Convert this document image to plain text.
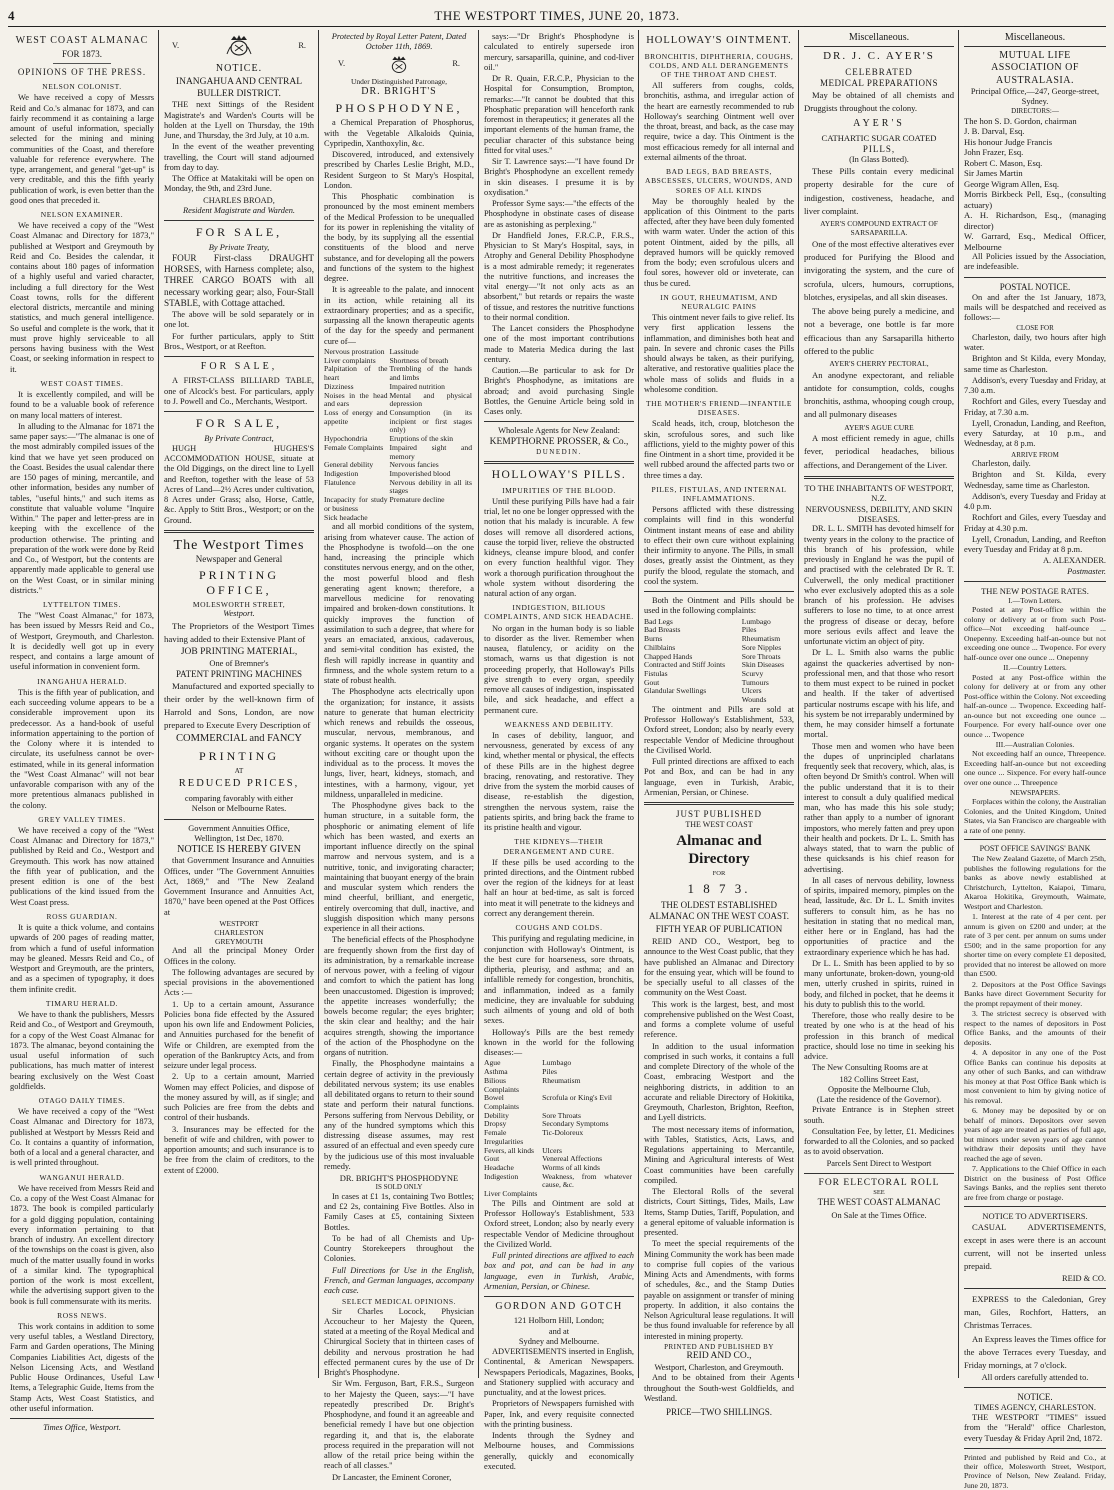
4	THE WESTPORT TIMES, JUNE 20, 1873.
WEST COAST ALMANAC
FOR 1873.
OPINIONS OF THE PRESS.
NELSON COLONIST.

We have received a copy of Messrs Reid and Co.'s almanac for 1873, and can fairly recommend it as containing a large amount of useful information, specially selected for the mining and mining communities of the Coast, and therefore valuable for reference everywhere. The type, arrangement, and general "get-up" is very creditable, and this the fifth yearly publication of work, is even better than the good ones that preceded it.

NELSON EXAMINER.

We have received a copy of the "West Coast Almanac and Directory for 1873," published at Westport and Greymouth by Reid and Co. Besides the calendar, it contains about 180 pages of information of a highly useful and varied character, including a full directory for the West Coast towns, rolls for the different electoral districts, mercantile and mining statistics, and much general intelligence. So useful and complete is the work, that it must prove highly serviceable to all persons having business with the West Coast, or seeking information in respect to it.

WEST COAST TIMES.

It is excellently compiled, and will be found to be a valuable book of reference on many local matters of interest.

In alluding to the Almanac for 1871 the same paper says:—"The almanac is one of the most admirably compiled issues of the kind that we have yet seen produced on the Coast. Besides the usual calendar there are 150 pages of mining, mercantile, and other information, besides any number of tables, "useful hints," and such items as constitute that valuable volume "Inquire Within." The paper and letter-press are in keeping with the excellence of the production otherwise. The printing and preparation of the work were done by Reid and Co., of Westport, but the contents are apparently made applicable to general use on the West Coast, or in similar mining districts."

LYTTELTON TIMES.

The "West Coast Almanac," for 1873, has been issued by Messrs Reid and Co., of Westport, Greymouth, and Charleston. It is decidedly well got up in every respect, and contains a large amount of useful information in convenient form.

INANGAHUA HERALD.

This is the fifth year of publication, and each succeeding volume appears to be a considerable improvement upon its predecessor. As a hand-book of useful information appertaining to the portion of the Colony where it is intended to circulate, its usefulness cannot be over-estimated, while in its general information the "West Coast Almanac" will not bear unfavorable comparison with any of the more pretentious almanacs published in the colony.

GREY VALLEY TIMES.

We have received a copy of the "West Coast Almanac and Directory for 1873," published by Reid and Co., Westport and Greymouth. This work has now attained the fifth year of publication, and the present edition is one of the best publications of the kind issued from the West Coast press.

ROSS GUARDIAN.

It is quite a thick volume, and contains upwards of 200 pages of reading matter, from which a fund of useful information may be gleaned. Messrs Reid and Co., of Westport and Greymouth, are the printers, and as a specimen of typography, it does them infinite credit.

TIMARU HERALD.

We have to thank the publishers, Messrs Reid and Co., of Westport and Greymouth, for a copy of the West Coast Almanac for 1873. The almanac, beyond containing the usual useful information of such publications, has much matter of interest bearing exclusively on the West Coast goldfields.

OTAGO DAILY TIMES.

We have received a copy of the "West Coast Almanac and Directory for 1873, published at Westport by Messrs Reid and Co. It contains a quantity of information, both of a local and a general character, and is well printed throughout.

WANGANUI HERALD.

We have received from Messrs Reid and Co. a copy of the West Coast Almanac for 1873. The book is compiled particularly for a gold digging population, containing every information pertaining to that branch of industry. An excellent directory of the townships on the coast is given, also much of the matter usually found in works of a similar kind. The typographical portion of the work is most excellent, while the advertising support given to the book is full commensurate with its merits.

ROSS NEWS.

This work contains in addition to some very useful tables, a Westland Directory, Farm and Garden operations, The Mining Companies Liabilities Act, digests of the Nelson Licensing Acts, and Westland Public House Ordinances, Useful Law Items, a Telegraphic Guide, Items from the Stamp Acts, West Coast Statistics, and other useful information.

Times Office, Westport.
V.	R.
NOTICE.
INANGAHUA AND CENTRAL BULLER DISTRICT.

THE next Sittings of the Resident Magistrate's and Warden's Courts will be holden at the Lyell on Thursday, the 19th June, and Thursday, the 3rd July, at 10 a.m.

In the event of the weather preventing travelling, the Court will stand adjourned from day to day.

The Office at Matakitaki will be open on Monday, the 9th, and 23rd June.

CHARLES BROAD,
Resident Magistrate and Warden.
FOR SALE,
By Private Treaty,

FOUR First-class DRAUGHT HORSES, with Harness complete; also, THREE CARGO BOATS with all necessary working gear; also, Four-Stall STABLE, with Cottage attached.

The above will be sold separately or in one lot.

For further particulars, apply to Stitt Bros., Westport, or at Reefton.

FOR SALE,

A FIRST-CLASS BILLIARD TABLE, one of Alcock's best. For particulars, apply to J. Powell and Co., Merchants, Westport.

FOR SALE,
By Private Contract,

HUGH HUGHES'S ACCOMMODATION HOUSE, situate at the Old Diggings, on the direct line to Lyell and Reefton, together with the lease of 53 Acres of Land—2½ Acres under cultivation, 8 Acres under Grass; also, Horse, Cattle, &c. Apply to Stitt Bros., Westport; or on the Ground.

The Westport Times
Newspaper and General
PRINTING OFFICE,
MOLESWORTH STREET,
Westport.

The Proprietors of the Westport Times having added to their Extensive Plant of

JOB PRINTING MATERIAL,
One of Bremner's
PATENT PRINTING MACHINES

Manufactured and exported specially to their order by the well-known firm of Harrold and Sons, London, are now prepared to Execute Every Description of

COMMERCIAL and FANCY
PRINTING
AT
REDUCED PRICES,
comparing favorably with either
Nelson or Melbourne Rates.
Government Annuities Office,
Wellington, 1st Dec, 1870.
NOTICE IS HEREBY GIVEN

that Government Insurance and Annuities Offices, under "The Government Annuities Act, 1869," and "The New Zealand Government Insurance and Annuities Act, 1870," have been opened at the Post Offices at

WESTPORT
CHARLESTON
GREYMOUTH

And all the principal Money Order Offices in the colony.

The following advantages are secured by special provisions in the abovementioned Acts :—

1. Up to a certain amount, Assurance Policies bona fide effected by the Assured upon his own life and Endowment Policies, and Annuities purchased for the benefit of Wife or Children, are exempted from the operation of the Bankruptcy Acts, and from seizure under legal process.

2. Up to a certain amount, Married Women may effect Policies, and dispose of the money assured by will, as if single; and such Policies are free from the debts and control of their husbands.

3. Insurances may be effected for the benefit of wife and children, with power to apportion amounts; and such insurance is to be free from the claim of creditors, to the extent of £2000.

Protected by Royal Letter Patent, Dated October 11th, 1869.
V.	R.
Under Distinguished Patronage,
DR. BRIGHT'S
PHOSPHODYNE,

a Chemical Preparation of Phosphorus, with the Vegetable Alkaloids Quinia, Cypripedin, Xanthoxylin, &c.

Discovered, introduced, and extensively prescribed by Charles Leslie Bright, M.D., Resident Surgeon to St Mary's Hospital, London.

This Phosphatic combination is pronounced by the most eminent members of the Medical Profession to be unequalled for its power in replenishing the vitality of the body, by its supplying all the essential constituents of the blood and nerve substance, and for developing all the powers and functions of the system to the highest degree.

It is agreeable to the palate, and innocent in its action, while retaining all its extraordinary properties; and as a specific, surpassing all the known therapeutic agents of the day for the speedy and permanent cure of—

Nervous prostration	Lassitude
Liver complaints	Shortness of breath
Palpitation of the heart	Trembling of the hands and limbs
Dizziness	Impaired nutrition
Noises in the head and ears	Mental and physical depression
Loss of energy and appetite	Consumption (in its incipient or first stages only)
Hypochondria	Eruptions of the skin
Female Complaints	Impaired sight and memory
General debility	Nervous fancies
Indigestion	Impoverished blood
Flatulence	Nervous debility in all its stages
Incapacity for study or business	Premature decline
Sick headache	

and all morbid conditions of the system, arising from whatever cause. The action of the Phosphodyne is twofold—on the one hand, increasing the principle which constitutes nervous energy, and on the other, the most powerful blood and flesh generating agent known; therefore, a marvellous medicine for renovating impaired and broken-down constitutions. It quickly improves the function of assimilation to such a degree, that where for years an emaciated, anxious, cadaverous, and semi-vital condition has existed, the flesh will rapidly increase in quantity and firmness, and the whole system return to a state of robust health.

The Phosphodyne acts electrically upon the organization; for instance, it assists nature to generate that human electricity which renews and rebuilds the osseous, muscular, nervous, membranous, and organic systems. It operates on the system without exciting care or thought upon the individual as to the process. It moves the lungs, liver, heart, kidneys, stomach, and intestines, with a harmony, vigour, yet mildness, unparalleled in medicine.

The Phosphodyne gives back to the human structure, in a suitable form, the phosphoric or animating element of life which has been wasted, and exerts an important influence directly on the spinal marrow and nervous system, and is a nutritive, tonic, and invigorating character; maintaining that buoyant energy of the brain and muscular system which renders the mind cheerful, brilliant, and energetic, entirely overcoming that dull, inactive, and sluggish disposition which many persons experience in all their actions.

The beneficial effects of the Phosphodyne are frequently shown from the first day of its administration, by a remarkable increase of nervous power, with a feeling of vigour and comfort to which the patient has long been unaccustomed. Digestion is improved; the appetite increases wonderfully; the bowels become regular; the eyes brighter; the skin clear and healthy; and the hair acquires strength, showing the importance of the action of the Phosphodyne on the organs of nutrition.

Finally, the Phosphodyne maintains a certain degree of activity in the previously debilitated nervous system; its use enables all debilitated organs to return to their sound state and perform their natural functions. Persons suffering from Nervous Debility, or any of the hundred symptoms which this distressing disease assumes, may rest assured of an effectual and even speedy cure by the judicious use of this most invaluable remedy.

DR. BRIGHT'S PHOSPHODYNE
IS SOLD ONLY

In cases at £1 1s, containing Two Bottles; and £2 2s, containing Five Bottles. Also in Family Cases at £5, containing Sixteen Bottles.

To be had of all Chemists and Up-Country Storekeepers throughout the Colonies.

Full Directions for Use in the English, French, and German languages, accompany each case.

SELECT MEDICAL OPINIONS.

Sir Charles Locock, Physician Accoucheur to her Majesty the Queen, stated at a meeting of the Royal Medical and Chirurgical Society that in thirteen cases of debility and nervous prostration he had effected permanent cures by the use of Dr Bright's Phosphodyne.

Sir Wm. Ferguson, Bart, F.R.S., Surgeon to her Majesty the Queen, says:—"I have repeatedly prescribed Dr. Bright's Phosphodyne, and found it an agreeable and beneficial remedy I have but one objection regarding it, and that is, the elaborate process required in the preparation will not allow of the retail price being within the reach of all classes."

Dr Lancaster, the Eminent Coroner,

says:—"Dr Bright's Phosphodyne is calculated to entirely supersede iron mercury, sarsaparilla, quinine, and cod-liver oil."

Dr R. Quain, F.R.C.P., Physician to the Hospital for Consumption, Brompton, remarks:—"It cannot be doubted that this Phosphatic preparation will henceforth rank foremost in therapeutics; it generates all the important elements of the human frame, the peculiar character of this substance being fitted for vital uses."

Sir T. Lawrence says:—"I have found Dr Bright's Phosphodyne an excellent remedy in skin diseases. I presume it is by oxydisation."

Professor Syme says:—"the effects of the Phosphodyne in obstinate cases of disease are as astonishing as perplexing."

Dr Handfield Jones, F.R.C.P., F.R.S., Physician to St Mary's Hospital, says, in Atrophy and General Debility Phosphodyne is a most admirable remedy; it regenerates the nutritive functions, and increases the vital energy—"It not only acts as an absorbent," but retards or repairs the waste of tissue, and restores the nutritive functions to their normal condition.

The Lancet considers the Phosphodyne one of the most important contributions made to Materia Medica during the last century.

Caution.—Be particular to ask for Dr Bright's Phosphodyne, as imitations are abroad; and avoid purchasing Single Bottles, the Genuine Article being sold in Cases only.

Wholesale Agents for New Zealand:
KEMPTHORNE PROSSER, & Co.,
DUNEDIN.
HOLLOWAY'S PILLS.
IMPURITIES OF THE BLOOD.

Until these purifying Pills have had a fair trial, let no one be longer oppressed with the notion that his malady is incurable. A few doses will remove all disordered actions, cause the torpid liver, relieve the obstructed kidneys, cleanse impure blood, and confer on every function healthful vigor. They work a thorough purification throughout the whole system without disordering the natural action of any organ.

INDIGESTION, BILIOUS COMPLAINTS, AND SICK HEADACHE.

No organ in the human body is so liable to disorder as the liver. Remember when nausea, flatulency, or acidity on the stomach, warns us that digestion is not proceeding properly, that Holloway's Pills give strength to every organ, speedily remove all causes of indigestion, inspissated bile, and sick headache, and effect a permanent cure.

WEAKNESS AND DEBILITY.

In cases of debility, languor, and nervousness, generated by excess of any kind, whether mental or physical, the effects of these Pills are in the highest degree bracing, renovating, and restorative. They drive from the system the morbid causes of disease, re-establish the digestion, strengthen the nervous system, raise the patients spirits, and bring back the frame to its pristine health and vigour.

THE KIDNEYS—THEIR DERANGEMENT AND CURE.

If these pills be used according to the printed directions, and the Ointment rubbed over the region of the kidneys for at least half an hour at bed-time, as salt is forced into meat it will penetrate to the kidneys and correct any derangement therein.

COUGHS AND COLDS.

This purifying and regulating medicine, in conjunction with Holloway's Ointment, is the best cure for hoarseness, sore throats, diptheria, pleurisy, and asthma; and an infallible remedy for congestion, bronchitis, and inflammation, indeed as a family medicine, they are invaluable for subduing such ailments of young and old of both sexes.

Holloway's Pills are the best remedy known in the world for the following diseases:—

Ague	Lumbago
Asthma	Piles
Bilious Complaints	Rheumatism
Bowel Complaints	Scrofula or King's Evil
Debility	Sore Throats
Dropsy	Secondary Symptoms
Female Irregularities	Tic-Doloreux
Fevers, all kinds	Ulcers
Gout	Venereal Affections
Headache	Worms of all kinds
Indigestion	Weakness, from whatever cause, &c.
Liver Complaints	

The Pills and Ointment are sold at Professor Holloway's Establishment, 533 Oxford street, London; also by nearly every respectable Vendor of Medicine throughout the Civilized World.

Full printed directions are affixed to each box and pot, and can be had in any language, even in Turkish, Arabic, Armenian, Persian, or Chinese.

GORDON AND GOTCH
121 Holborn Hill, London;
and at
Sydney and Melbourne.

ADVERTISEMENTS inserted in English, Continental, & American Newspapers. Newspapers Periodicals, Magazines, Books, and Stationery supplied with accuracy and punctuality, and at the lowest prices.

Proprietors of Newspapers furnished with Paper, Ink, and every requisite connected with the printing business.

Indents through the Sydney and Melbourne houses, and Commissions generally, quickly and economically executed.

HOLLOWAY'S OINTMENT.
BRONCHITIS, DIPHTHERIA, COUGHS, COLDS, AND ALL DERANGEMENTS OF THE THROAT AND CHEST.

All sufferers from coughs, colds, bronchitis, asthma, and irregular action of the heart are earnestly recommended to rub Holloway's searching Ointment well over the throat, breast, and back, as the case may require, twice a day. This Ointment is the most efficacious remedy for all internal and external ailments of the throat.

BAD LEGS, BAD BREASTS, ABSCESSES, ULCERS, WOUNDS, AND SORES OF ALL KINDS

May be thoroughly healed by the application of this Ointment to the parts affected, after they have been duly fomented with warm water. Under the action of this potent Ointment, aided by the pills, all depraved humors will be quickly removed from the body; even scrofulous ulcers and foul sores, however old or inveterate, can thus be cured.

IN GOUT, RHEUMATISM, AND NEURALGIC PAINS

This ointment never fails to give relief. Its very first application lessens the inflammation, and diminishes both heat and pain. In severe and chronic cases the Pills should always be taken, as their purifying, alterative, and restorative qualities place the whole mass of solids and fluids in a wholesome condition.

THE MOTHER'S FRIEND—INFANTILE DISEASES.

Scald heads, itch, croup, blotcheson the skin, scrofulous sores, and such like afflictions, yield to the mighty power of this fine Ointment in a short time, provided it be well rubbed around the affected parts two or three times a day.

PILES, FISTULAS, AND INTERNAL INFLAMMATIONS.

Persons afflicted with these distressing complaints will find in this wonderful Ointment instant means of ease and ability to effect their own cure without explaining their infirmity to anyone. The Pills, in small doses, greatly assist the Ointment, as they purify the blood, regulate the stomach, and cool the system.

Both the Ointment and Pills should be used in the following complaints:

Bad Legs	Lumbago
Bad Breasts	Piles
Burns	Rheumatism
Chilblains	Sore Nipples
Chapped Hands	Sore Throats
Contracted and Stiff Joints	Skin Diseases
Fistulas	Scurvy
Gout	Tumours
Glandular Swellings	Ulcers
	Wounds

The ointment and Pills are sold at Professor Holloway's Establishment, 533, Oxford street, London; also by nearly every respectable Vendor of Medicine throughout the Civilised World.

Full printed directions are affixed to each Pot and Box, and can be had in any language, even in Turkish, Arabic, Armenian, Persian, or Chinese.

JUST PUBLISHED
THE WEST COAST
Almanac and Directory
FOR
1 8 7 3.
THE OLDEST ESTABLISHED ALMANAC ON THE WEST COAST.
FIFTH YEAR OF PUBLICATION

REID AND CO., Westport, beg to announce to the West Coast public, that they have published an Almanac and Directory for the ensuing year, which will be found to be specially useful to all classes of the community on the West Coast.

This work is the largest, best, and most comprehensive published on the West Coast, and forms a complete volume of useful reference.

In addition to the usual information comprised in such works, it contains a full and complete Directory of the whole of the Coast, embracing Westport and the neighboring districts, in addition to an accurate and reliable Directory of Hokitika, Greymouth, Charleston, Brighton, Reefton, and Lyell districts.

The most necessary items of information, with Tables, Statistics, Acts, Laws, and Regulations appertaining to Mercantile, Mining and Agricultural interests of West Coast communities have been carefully compiled.

The Electoral Rolls of the several districts, Court Sittings, Tides, Mails, Law Items, Stamp Duties, Tariff, Population, and a general epitome of valuable information is presented.

To meet the special requirements of the Mining Community the work has been made to comprise full copies of the various Mining Acts and Amendments, with forms of schedules, &c., and the Stamp Duties payable on assignment or transfer of mining property. In addition, it also contains the Nelson Agricultural lease regulations. It will be thus found invaluable for reference by all interested in mining property.

PRINTED AND PUBLISHED BY
REID AND CO.,
Westport, Charleston, and Greymouth.

And to be obtained from their Agents throughout the South-west Goldfields, and Westland.

PRICE—TWO SHILLINGS.
Miscellaneous.
DR. J. C. AYER'S
CELEBRATED
MEDICAL PREPARATIONS

May be obtained of all chemists and Druggists throughout the colony.

AYER'S
CATHARTIC SUGAR COATED
PILLS,
(In Glass Botted).

These Pills contain every medicinal property desirable for the cure of indigestion, costiveness, headache, and liver complaint.

AYER'S COMPOUND EXTRACT OF
SARSAPARILLA.

One of the most effective alteratives ever produced for Purifying the Blood and invigorating the system, and the cure of scrofula, ulcers, humours, corruptions, blotches, erysipelas, and all skin diseases.

The above being purely a medicine, and not a beverage, one bottle is far more efficacious than any Sarsaparilla hitherto offered to the public

AYER'S CHERRY PECTORAL,

An anodyne expectorant, and reliable antidote for consumption, colds, coughs bronchitis, asthma, whooping cough croup, and all pulmonary diseases

AYER'S AGUE CURE

A most efficient remedy in ague, chills fever, periodical headaches, bilious affections, and Derangement of the Liver.

TO THE INHABITANTS OF WESTPORT, N.Z.
NERVOUSNESS, DEBILITY, AND SKIN DISEASES.

DR. L. L. SMITH has devoted himself for twenty years in the colony to the practice of this branch of his profession, while previously in England he was the pupil of and practised with the celebrated Dr R. T. Culverwell, the only medical practitioner who ever exclusively adopted this as a sole branch of his profession. He advises sufferers to lose no time, to at once arrest the progress of disease or decay, before more serious evils affect and leave the unfortunate victim an object of pity.

Dr L. L. Smith also warns the public against the quackeries advertised by non-professional men, and that those who resort to them must expect to be ruined in pocket and health. If the taker of advertised particular nostrums escape with his life, and his system be not irreparably undermined by them, he may consider himself a fortunate mortal.

Those men and women who have been the dupes of unprincipled charlatans frequently seek that recovery, which, alas, is often beyond Dr Smith's control. When will the public understand that it is to their interest to consult a duly qualified medical man, who has made this his sole study; rather than apply to a number of ignorant impostors, who merely fatten and prey upon their health and pockets. Dr L. L. Smith has always stated, that to warn the public of these quicksands is his chief reason for advertising.

In all cases of nervous debility, lowness of spirits, impaired memory, pimples on the head, lassitude, &c. Dr L. L. Smith invites sufferers to consult him, as he has no hesitation in stating that no medical man, either here or in England, has had the opportunities of practice and the extraordinary experience which he has had.

Dr L. L. Smith has been applied to by so many unfortunate, broken-down, young-old men, utterly crushed in spirits, ruined in body, and filched in pocket, that he deems it his duty to publish this to the world.

Therefore, those who really desire to be treated by one who is at the head of his profession in this branch of medical practice, should lose no time in seeking his advice.

The New Consulting Rooms are at

182 Collins Street East,
Opposite the Melbourne Club,
(Late the residence of the Governor).

Private Entrance is in Stephen street south.

Consultation Fee, by letter, £1. Medicines forwarded to all the Colonies, and so packed as to avoid observation.

Parcels Sent Direct to Westport
FOR ELECTORAL ROLL
SEE
THE WEST COAST ALMANAC
On Sale at the Times Office.
Miscellaneous.
MUTUAL LIFE ASSOCIATION OF AUSTRALASIA.
Principal Office,—247, George-street, Sydney.
DIRECTORS:—
The hon S. D. Gordon, chairman
J. B. Darval, Esq.
His honour Judge Francis
John Frazer, Esq.
Robert C. Mason, Esq.
Sir James Martin
George Wigram Allen, Esq.
Morris Birkbeck Pell, Esq., (consulting actuary)
A. H. Richardson, Esq., (managing director)
W. Garrard, Esq., Medical Officer, Melbourne

All Policies issued by the Association, are indefeasible.

POSTAL NOTICE.

On and after the 1st January, 1873, mails will be despatched and received as follows:—

CLOSE FOR

Charleston, daily, two hours after high water.

Brighton and St Kilda, every Monday, same time as Charleston.

Addison's, every Tuesday and Friday, at 7.30 a.m.

Rochfort and Giles, every Tuesday and Friday, at 7.30 a.m.

Lyell, Cronadun, Landing, and Reefton, every Saturday, at 10 p.m., and Wednesday, at 8 p.m.

ARRIVE FROM

Charleston, daily.

Brighton and St. Kilda, every Wednesday, same time as Charleston.

Addison's, every Tuesday and Friday at 4.0 p.m.

Rochfort and Giles, every Tuesday and Friday at 4.30 p.m.

Lyell, Cronadun, Landing, and Reefton every Tuesday and Friday at 8 p.m.

A. ALEXANDER.
Postmaster.
THE NEW POSTAGE RATES.
I.—Town Letters.

Posted at any Post-office within the colony or delivery at or from such Post-office—Not exceeding half-ounce ... Onepenny. Exceeding half-an-ounce but not exceeding one ounce ... Twopence. For every half-ounce over one ounce ... Onepenny

II.—Country Letters.

Posted at any Post-office within the colony for delivery at or from any other Post-office within the Colony. Not exceeding half-an-ounce ... Twopence. Exceeding half-an-ounce but not exceeding one ounce ... Fourpence. For every half-ounce over one ounce ... Twopence

III.—Australian Colonies.

Not exceeding half an ounce, Threepence. Exceeding half-an-ounce but not exceeding one ounce ... Sixpence. For every half-ounce over one ounce ... Threepence

NEWSPAPERS.

Forplaces within the colony, the Australian Colonies, and the United Kingdom, United States, via San Francisco are chargeable with a rate of one penny.

POST OFFICE SAVINGS' BANK

The New Zealand Gazette, of March 25th, publishes the following regulations for the banks as above newly established at Christchurch, Lyttelton, Kaiapoi, Timaru, Akaroa Hokitika, Greymouth, Waimate, Westport and Charleston.

1. Interest at the rate of 4 per cent. per annum is given on £200 and under; at the rate of 3 per cent. per annum on sums under £500; and in the same proportion for any shorter time on every complete £1 deposited, provided that no interest be allowed on more than £500.

2. Depositors at the Post Office Savings Banks have direct Government Security for the prompt repayment of their money.

3. The strictest secrecy is observed with respect to the names of depositors in Post Office Banks, and the amounts of their deposits.

4. A depositor in any one of the Post Office Banks can continue his deposits at any other of such Banks, and can withdraw his money at that Post Office Bank which is most convenient to him by giving notice of his removal.

6. Money may be deposited by or on behalf of minors. Depositors over seven years of age are treated as parties of full age, but minors under seven years of age cannot withdraw their deposits until they have reached the age of seven.

7. Applications to the Chief Office in each District on the business of Post Office Savings Banks, and the replies sent thereto are free from charge or postage.

NOTICE TO ADVERTISERS.

CASUAL ADVERTISEMENTS, except in ases were there is an account current, will not be inserted unless prepaid.

REID & CO.

EXPRESS to the Caledonian, Grey man, Giles, Rochfort, Hatters, an Christmas Terraces.

An Express leaves the Times office for the above Terraces every Tuesday, and Friday mornings, at 7 o'clock.

All orders carefully attended to.
NOTICE.
TIMES AGENCY, CHARLESTON.

THE WESTPORT "TIMES" issued from the "Herald" office Charleston, every Tuesday & Friday April 2nd, 1872.

Printed and published by Reid and Co., at their office, Molesworth Street, Westport, Province of Nelson, New Zealand. Friday, June 20, 1873.
